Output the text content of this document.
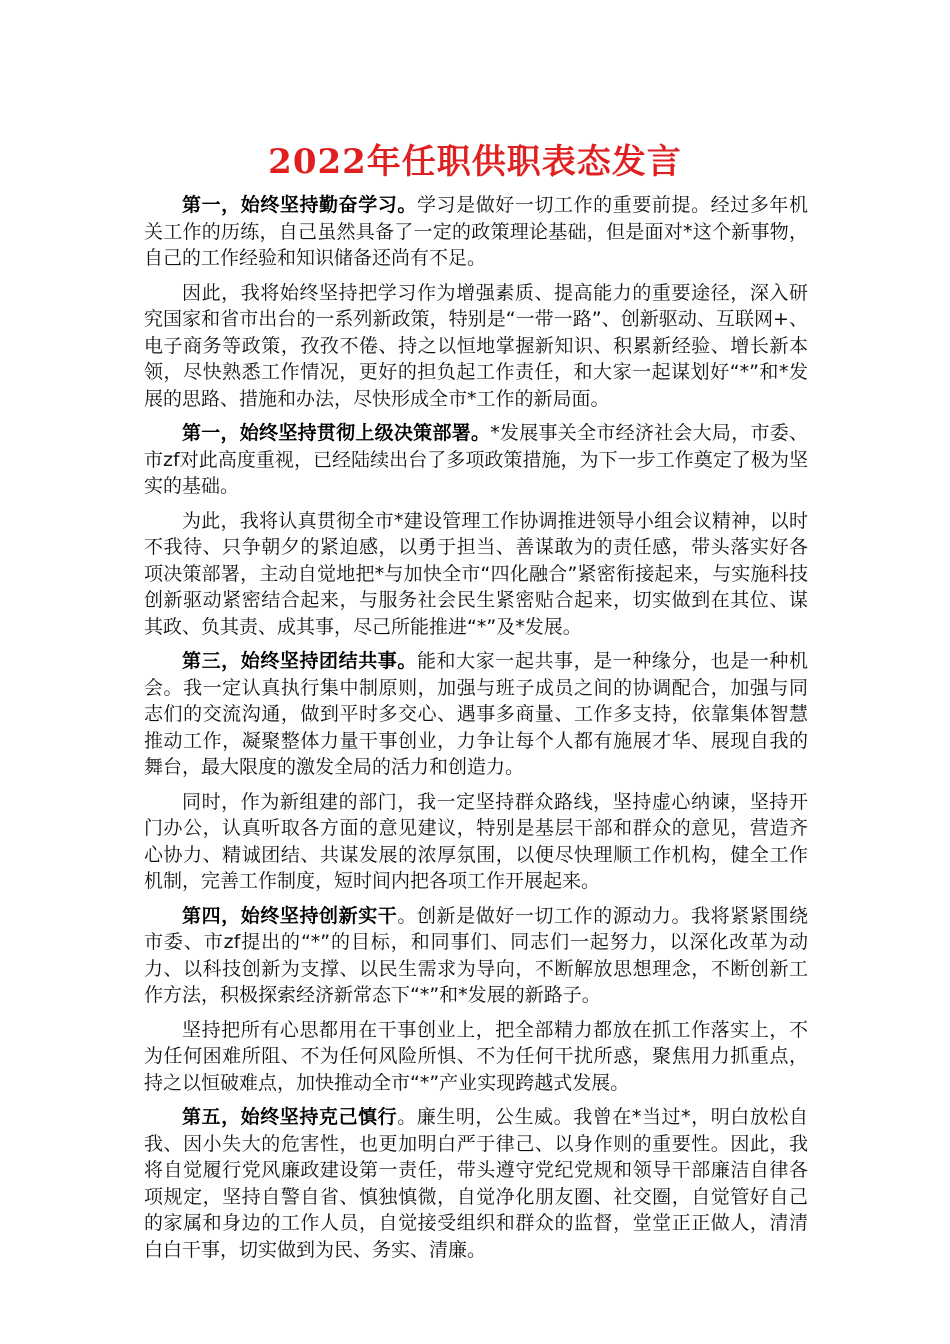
2022年任职供职表态发言

第一，始终坚持勤奋学习。学习是做好一切工作的重要前提。经过多年机关工作的历练，自己虽然具备了一定的政策理论基础，但是面对*这个新事物，自己的工作经验和知识储备还尚有不足。

因此，我将始终坚持把学习作为增强素质、提高能力的重要途径，深入研究国家和省市出台的一系列新政策，特别是“一带一路”、创新驱动、互联网+、电子商务等政策，孜孜不倦、持之以恒地掌握新知识、积累新经验、增长新本领，尽快熟悉工作情况，更好的担负起工作责任，和大家一起谋划好“*”和*发展的思路、措施和办法，尽快形成全市*工作的新局面。

第一，始终坚持贯彻上级决策部署。*发展事关全市经济社会大局，市委、市zf对此高度重视，已经陆续出台了多项政策措施，为下一步工作奠定了极为坚实的基础。

为此，我将认真贯彻全市*建设管理工作协调推进领导小组会议精神，以时不我待、只争朝夕的紧迫感，以勇于担当、善谋敢为的责任感，带头落实好各项决策部署，主动自觉地把*与加快全市“四化融合”紧密衔接起来，与实施科技创新驱动紧密结合起来，与服务社会民生紧密贴合起来，切实做到在其位、谋其政、负其责、成其事，尽己所能推进“*”及*发展。

第三，始终坚持团结共事。能和大家一起共事，是一种缘分，也是一种机会。我一定认真执行集中制原则，加强与班子成员之间的协调配合，加强与同志们的交流沟通，做到平时多交心、遇事多商量、工作多支持，依靠集体智慧推动工作，凝聚整体力量干事创业，力争让每个人都有施展才华、展现自我的舞台，最大限度的激发全局的活力和创造力。

同时，作为新组建的部门，我一定坚持群众路线，坚持虚心纳谏，坚持开门办公，认真听取各方面的意见建议，特别是基层干部和群众的意见，营造齐心协力、精诚团结、共谋发展的浓厚氛围，以便尽快理顺工作机构，健全工作机制，完善工作制度，短时间内把各项工作开展起来。

第四，始终坚持创新实干。创新是做好一切工作的源动力。我将紧紧围绕市委、市zf提出的“*”的目标，和同事们、同志们一起努力，以深化改革为动力、以科技创新为支撑、以民生需求为导向，不断解放思想理念，不断创新工作方法，积极探索经济新常态下“*”和*发展的新路子。

坚持把所有心思都用在干事创业上，把全部精力都放在抓工作落实上，不为任何困难所阻、不为任何风险所惧、不为任何干扰所惑，聚焦用力抓重点，持之以恒破难点，加快推动全市“*”产业实现跨越式发展。

第五，始终坚持克己慎行。廉生明，公生威。我曾在*当过*，明白放松自我、因小失大的危害性，也更加明白严于律己、以身作则的重要性。因此，我将自觉履行党风廉政建设第一责任，带头遵守党纪党规和领导干部廉洁自律各项规定，坚持自警自省、慎独慎微，自觉净化朋友圈、社交圈，自觉管好自己的家属和身边的工作人员，自觉接受组织和群众的监督，堂堂正正做人，清清白白干事，切实做到为民、务实、清廉。
